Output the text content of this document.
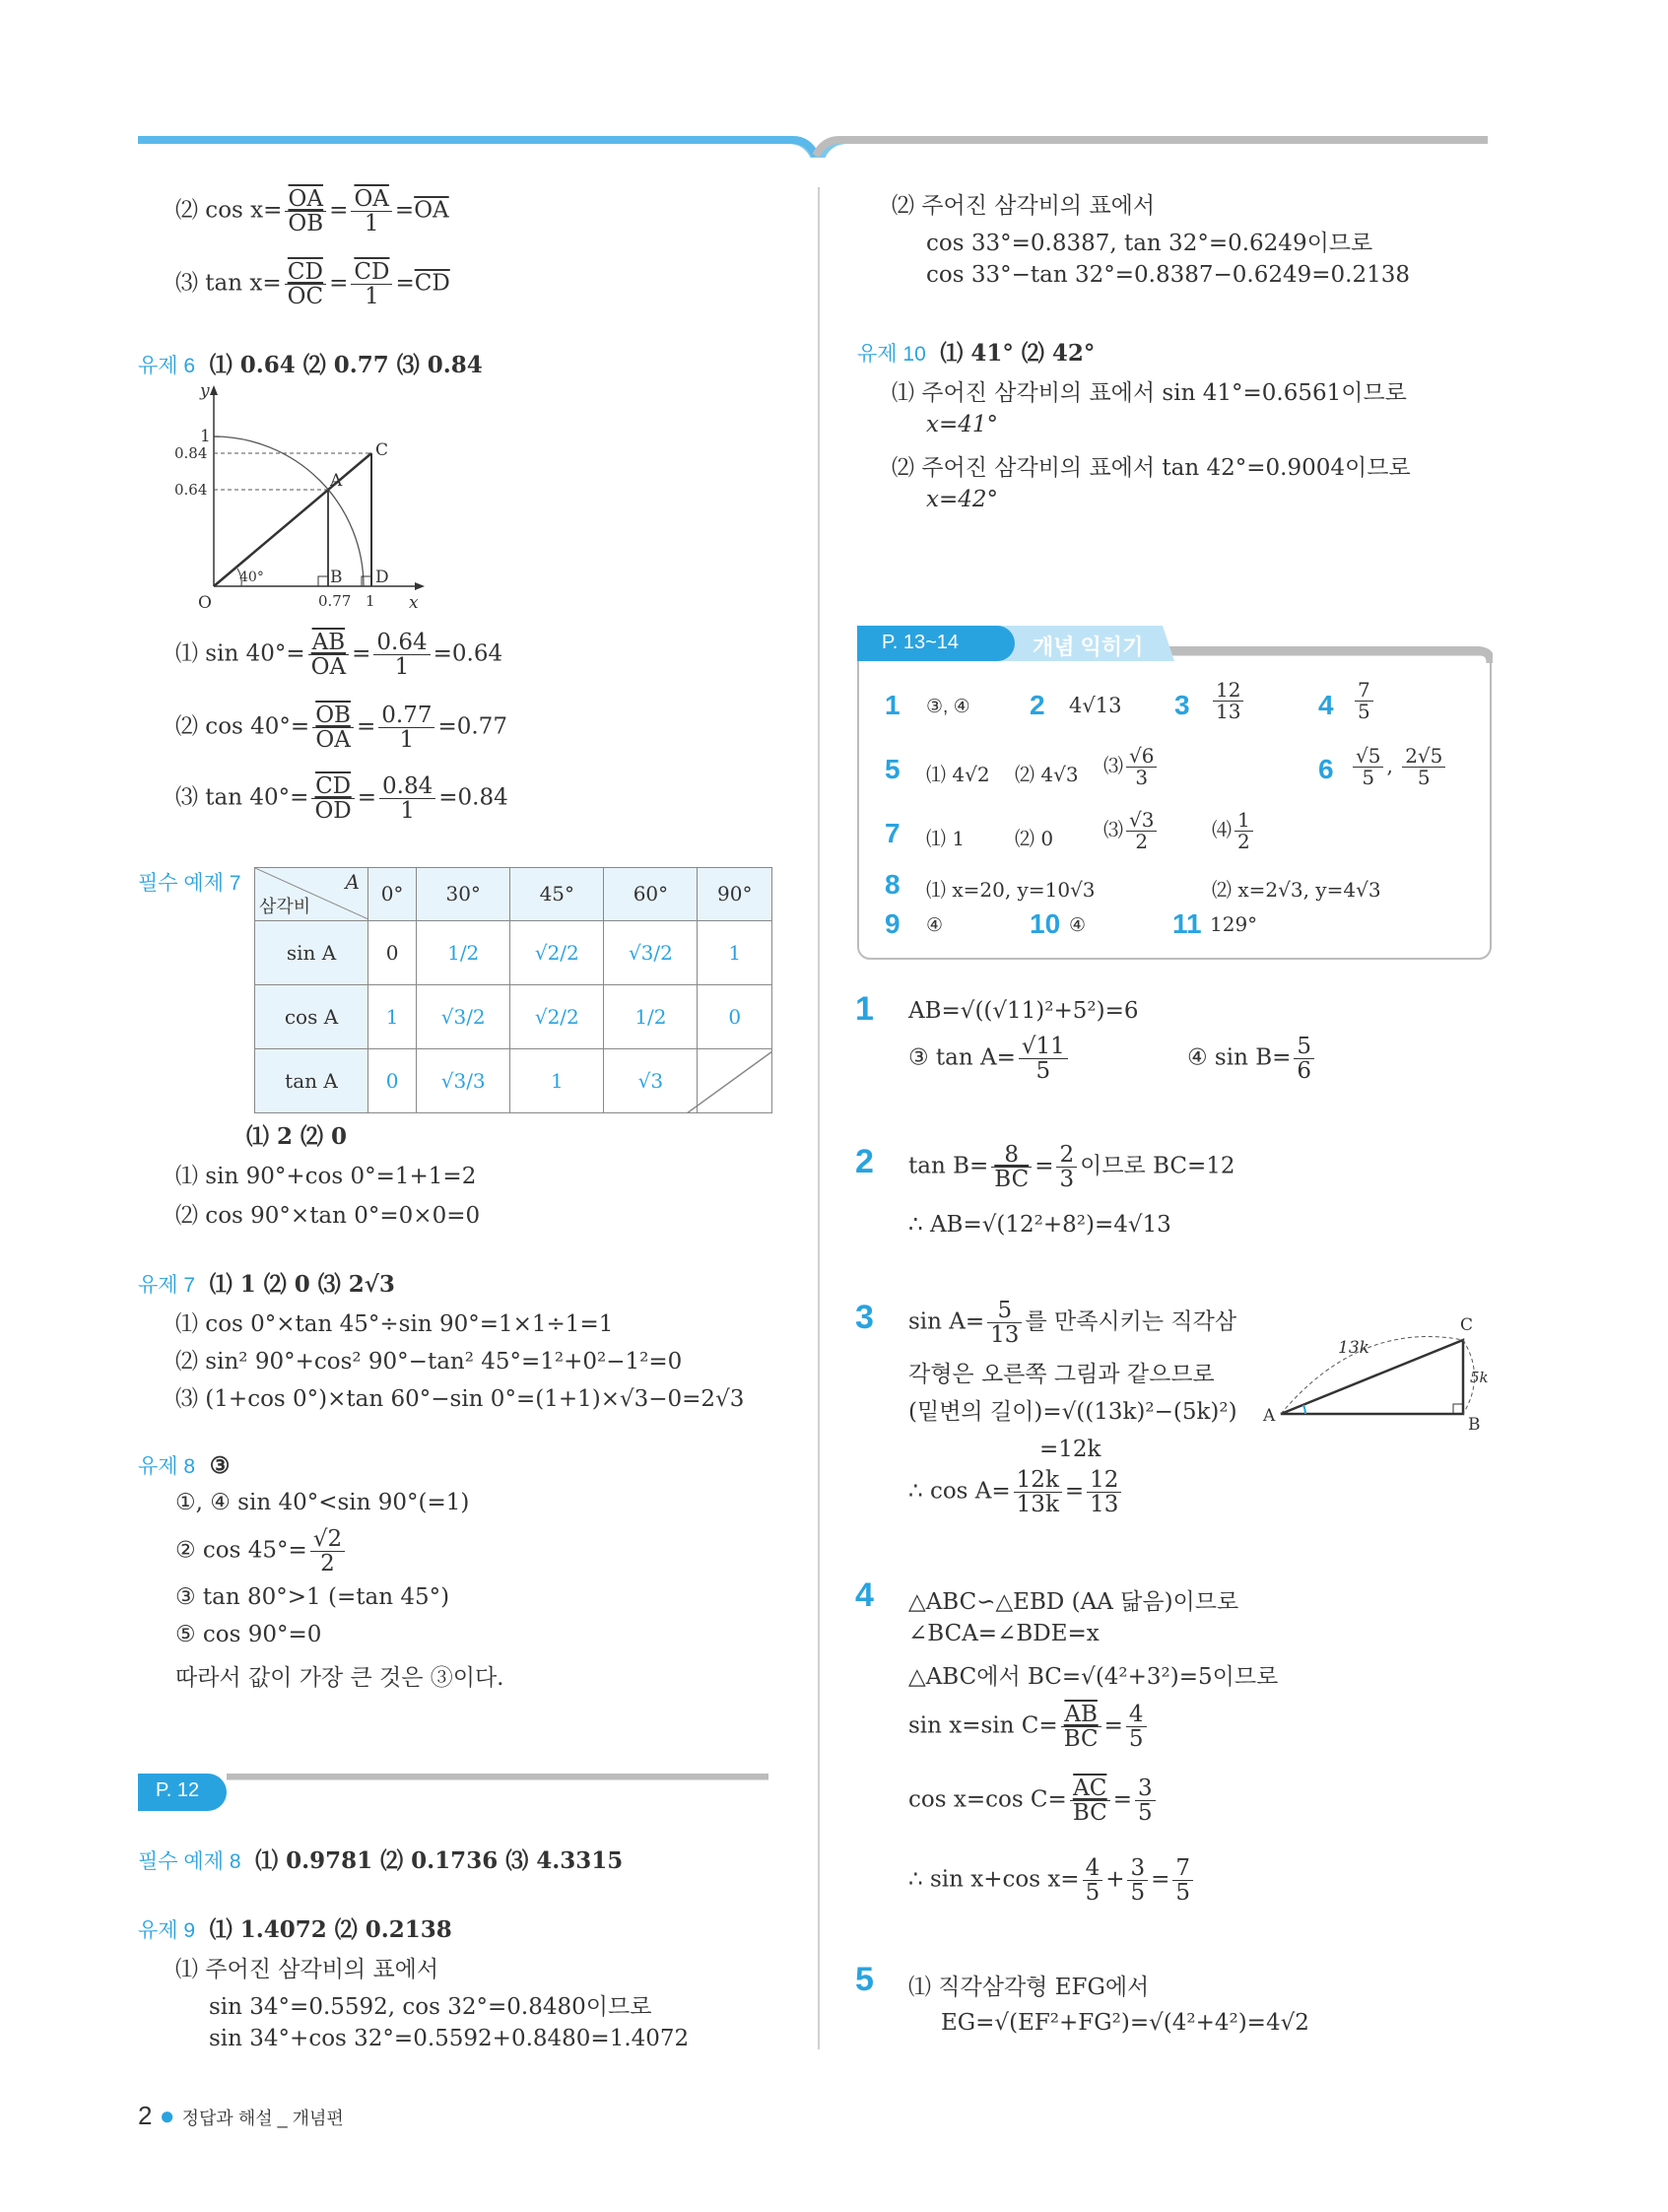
⑵ $\cos x= \frac{\overline{OA}}{OB} = \frac{\overline{OA}}{1} =\overline{OA}$
⑶ $\tan x= \frac{\overline{CD}}{OC} = \frac{\overline{CD}}{1} =\overline{CD}$
유제 6 ⑴ 0.64 ⑵ 0.77 ⑶ 0.84
y
x
O
1
0.84
0.64
0.77 1
40°
A
B
C
D
⑴ $\sin 40^\circ= \frac{\overline{AB}}{OA} = \frac{0.64}{1} =0.64$
⑵ $\cos 40^\circ= \frac{\overline{OB}}{OA} = \frac{0.77}{1} =0.77$
⑶ $\tan 40^\circ= \frac{\overline{CD}}{OD} = \frac{0.84}{1} =0.84$
필수 예제 7	A
삼각비	0°	30°	45°	60°	90°
sin A	0	1/2	√2/2	√3/2	1
cos A	1	√3/2	√2/2	1/2	0
tan A	0	√3/3	1	√3	
⑴ 2 ⑵ 0
⑴ sin 90°+cos 0°=1+1=2
⑵ cos 90°×tan 0°=0×0=0
유제 7 ⑴ 1 ⑵ 0 ⑶ 2√3
⑴ cos 0°×tan 45°÷sin 90°=1×1÷1=1
⑵ sin² 90°+cos² 90°−tan² 45°=1²+0²−1²=0
⑶ (1+cos 0°)×tan 60°−sin 0°=(1+1)×√3−0=2√3
유제 8 ③
①, ④ sin 40°<sin 90°(=1)
② $\cos 45^\circ= \frac{√2}{2}$
③ tan 80°>1 (=tan 45°)
⑤ cos 90°=0
따라서 값이 가장 큰 것은 ③이다.
P. 12
필수 예제 8 ⑴ 0.9781 ⑵ 0.1736 ⑶ 4.3315
유제 9 ⑴ 1.4072 ⑵ 0.2138
⑴ 주어진 삼각비의 표에서
sin 34°=0.5592, cos 32°=0.8480이므로
sin 34°+cos 32°=0.5592+0.8480=1.4072
2 ● 정답과 해설 _ 개념편
⑵ 주어진 삼각비의 표에서
cos 33°=0.8387, tan 32°=0.6249이므로
cos 33°−tan 32°=0.8387−0.6249=0.2138
유제 10 ⑴ 41° ⑵ 42°
⑴ 주어진 삼각비의 표에서 sin 41°=0.6561이므로
x=41°
⑵ 주어진 삼각비의 표에서 tan 42°=0.9004이므로
x=42°
P. 13~14	개념 익히기
1 ③, ④ 2 4√13 $3 \frac{12}{13}$	$4 \frac{7}{5}$
5 ⑴ 4√2 ⑵ 4√3 ⑶ $\frac{√6}{3}$	$6 \frac{√5}{5}$ , $\frac{2√5}{5}$
7 ⑴ 1	⑵ 0	⑶ $\frac{√3}{2}$	⑷ $\frac{1}{2}$
8 ⑴ x=20, y=10√3	⑵ x=2√3, y=4√3
9 ④	10 ④	11 129°
1 AB=√((√11)²+5²)=6
③ $\tan A= \frac{√11}{5}$	④ $\sin B= \frac{5}{6}$
2 $\tan B= \frac{8}{BC} = \frac{2}{3}$ 이므로 BC=12
∴ AB=√(12²+8²)=4√13
3 $\sin A= \frac{5}{13}$ 를 만족시키는 직각삼
각형은 오른쪽 그림과 같으므로
(밑변의 길이)=√((13k)²−(5k)²)
=12k
∴ $\cos A= \frac{12k}{13k} = \frac{12}{13}$
A	B
C
13k
5k
4 △ABC∽△EBD (AA 닮음)이므로
∠BCA=∠BDE=x
△ABC에서 BC=√(4²+3²)=5이므로
sin x=sin $C= \frac{\overline{AB}}{BC} = \frac{4}{5}$
cos x=cos $C= \frac{\overline{AC}}{BC} = \frac{3}{5}$
∴ sin x+cos $x= \frac{4}{5} + \frac{3}{5} = \frac{7}{5}$
5 ⑴ 직각삼각형 EFG에서
EG=√(EF²+FG²)=√(4²+4²)=4√2
